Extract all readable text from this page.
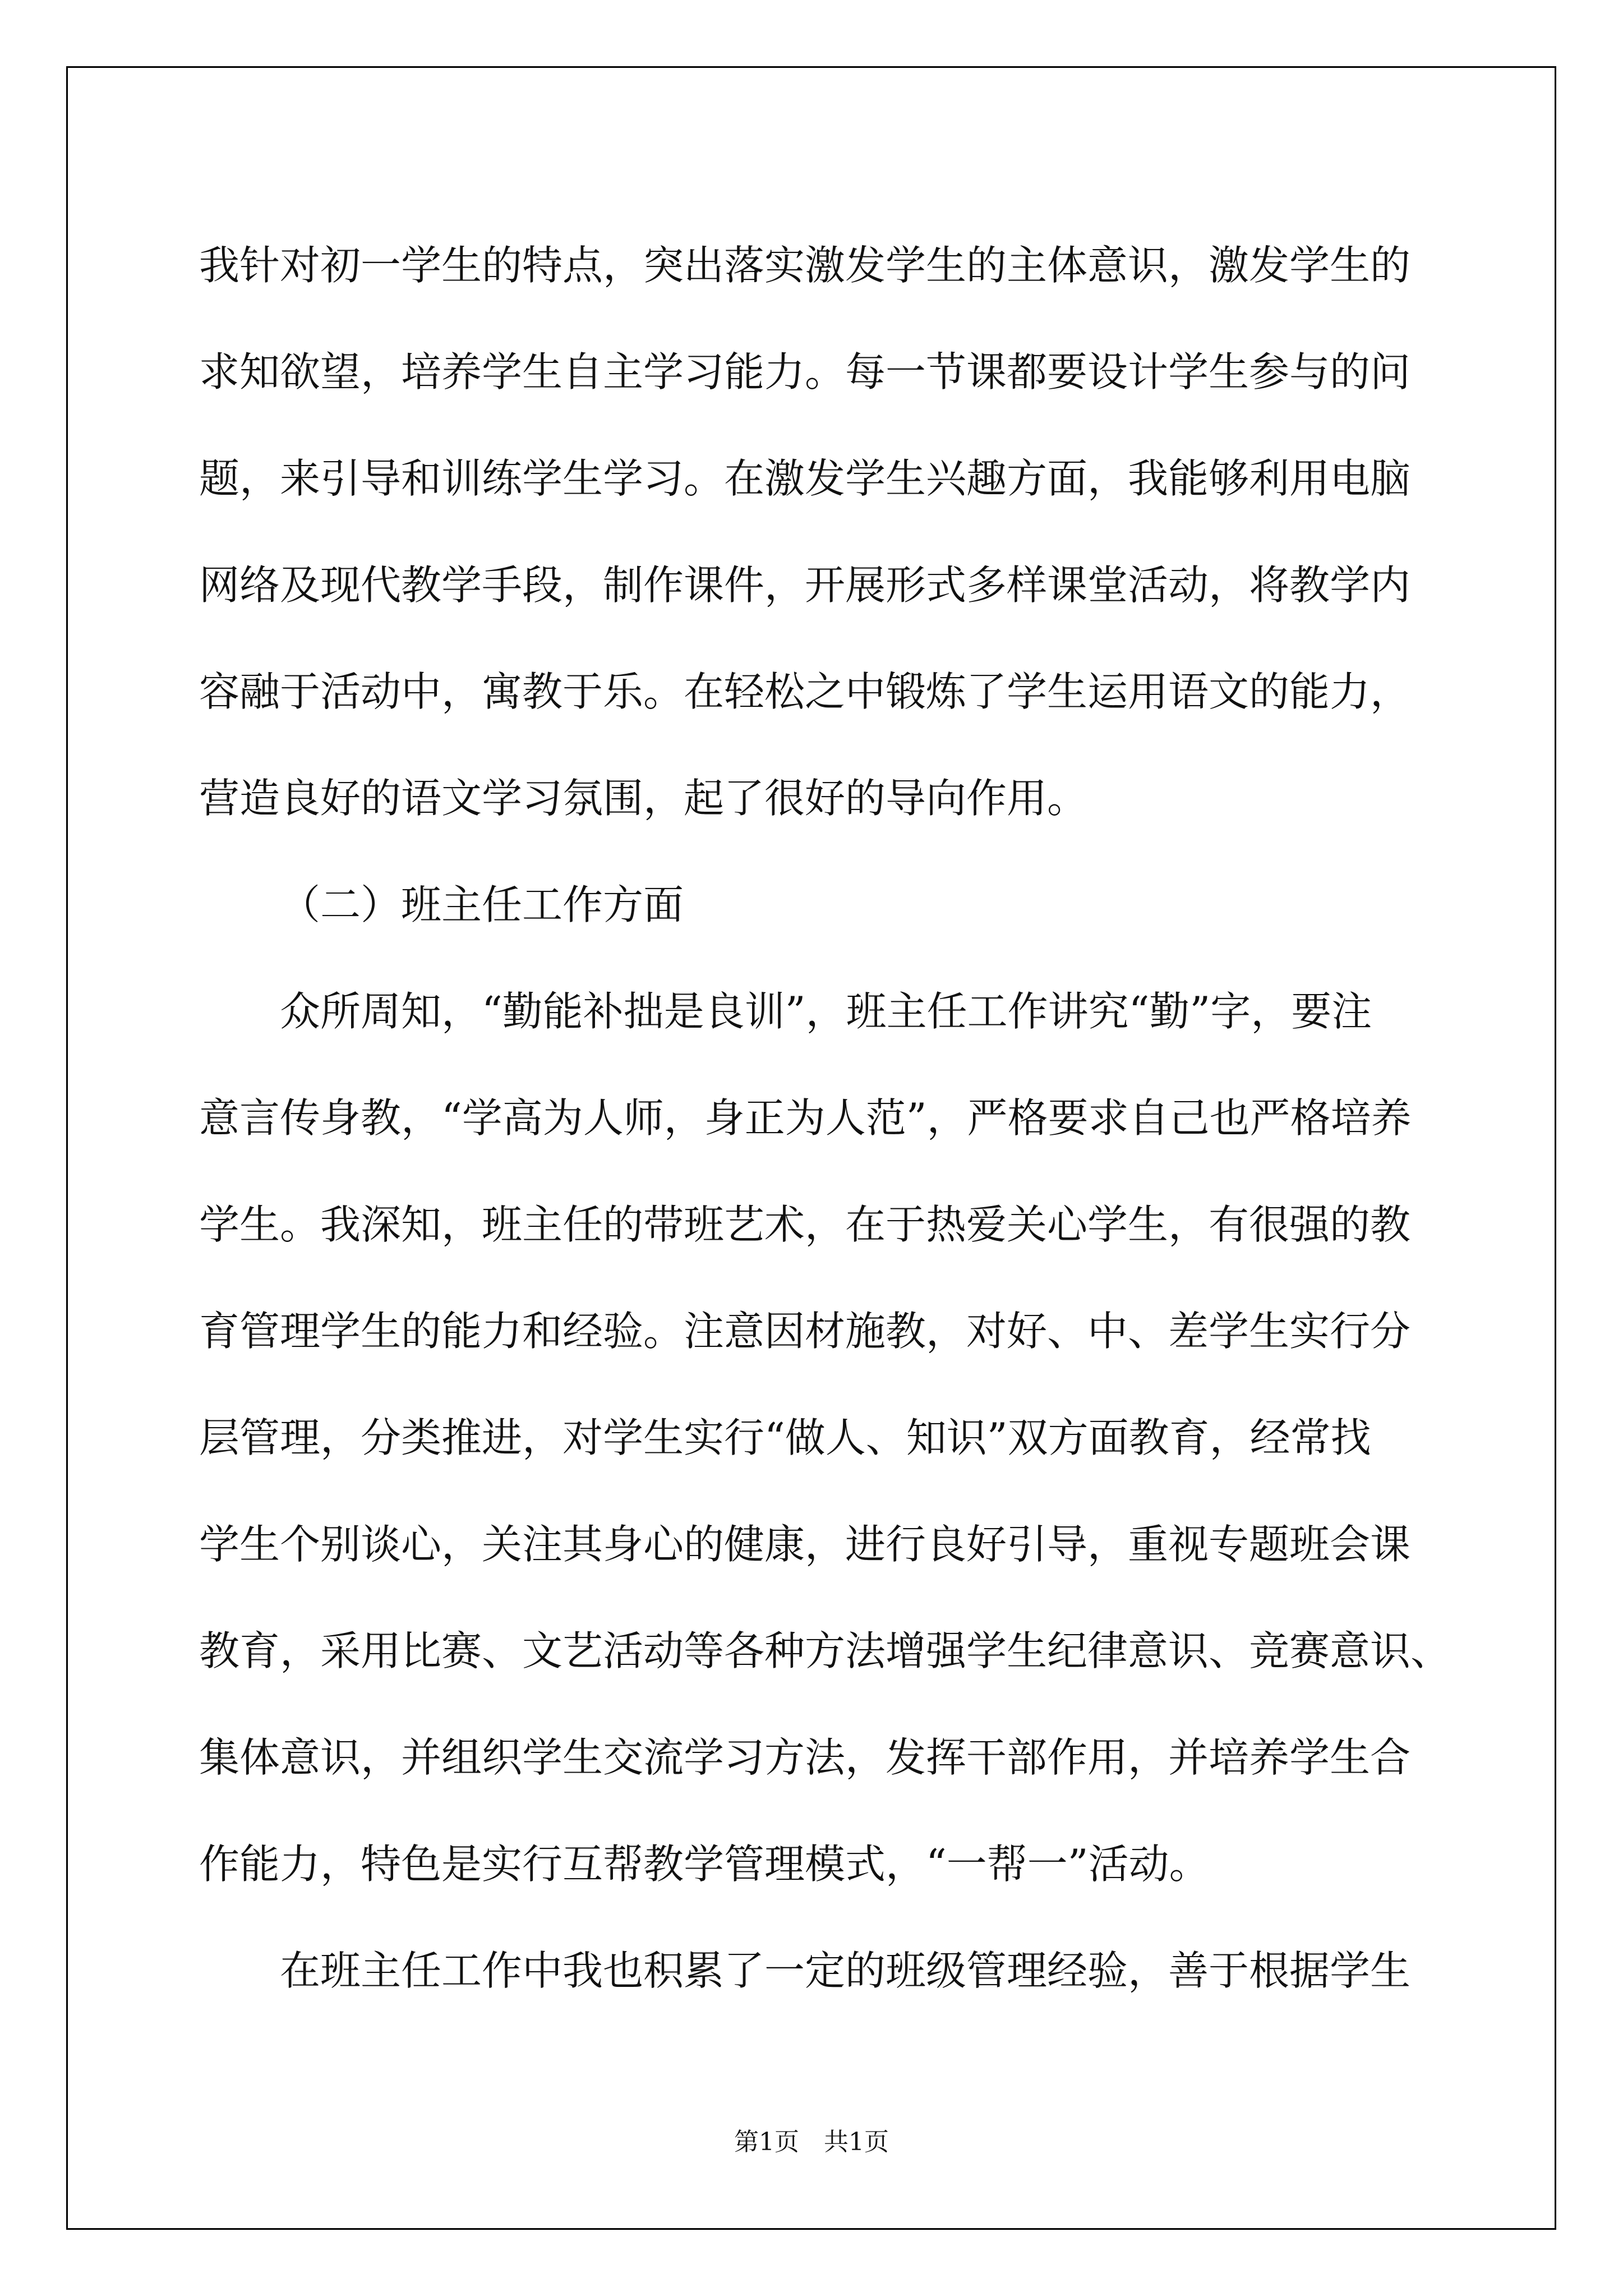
我针对初一学生的特点，突出落实激发学生的主体意识，激发学生的
求知欲望，培养学生自主学习能力。每一节课都要设计学生参与的问
题，来引导和训练学生学习。在激发学生兴趣方面，我能够利用电脑
网络及现代教学手段，制作课件，开展形式多样课堂活动，将教学内
容融于活动中，寓教于乐。在轻松之中锻炼了学生运用语文的能力，
营造良好的语文学习氛围，起了很好的导向作用。
（二）班主任工作方面
众所周知，“勤能补拙是良训”，班主任工作讲究“勤”字，要注
意言传身教，“学高为人师，身正为人范”，严格要求自己也严格培养
学生。我深知，班主任的带班艺术，在于热爱关心学生，有很强的教
育管理学生的能力和经验。注意因材施教，对好、中、差学生实行分
层管理，分类推进，对学生实行“做人、知识”双方面教育，经常找
学生个别谈心，关注其身心的健康，进行良好引导，重视专题班会课
教育，采用比赛、文艺活动等各种方法增强学生纪律意识、竞赛意识、
集体意识，并组织学生交流学习方法，发挥干部作用，并培养学生合
作能力，特色是实行互帮教学管理模式，“一帮一”活动。
在班主任工作中我也积累了一定的班级管理经验，善于根据学生
第1页　共1页
